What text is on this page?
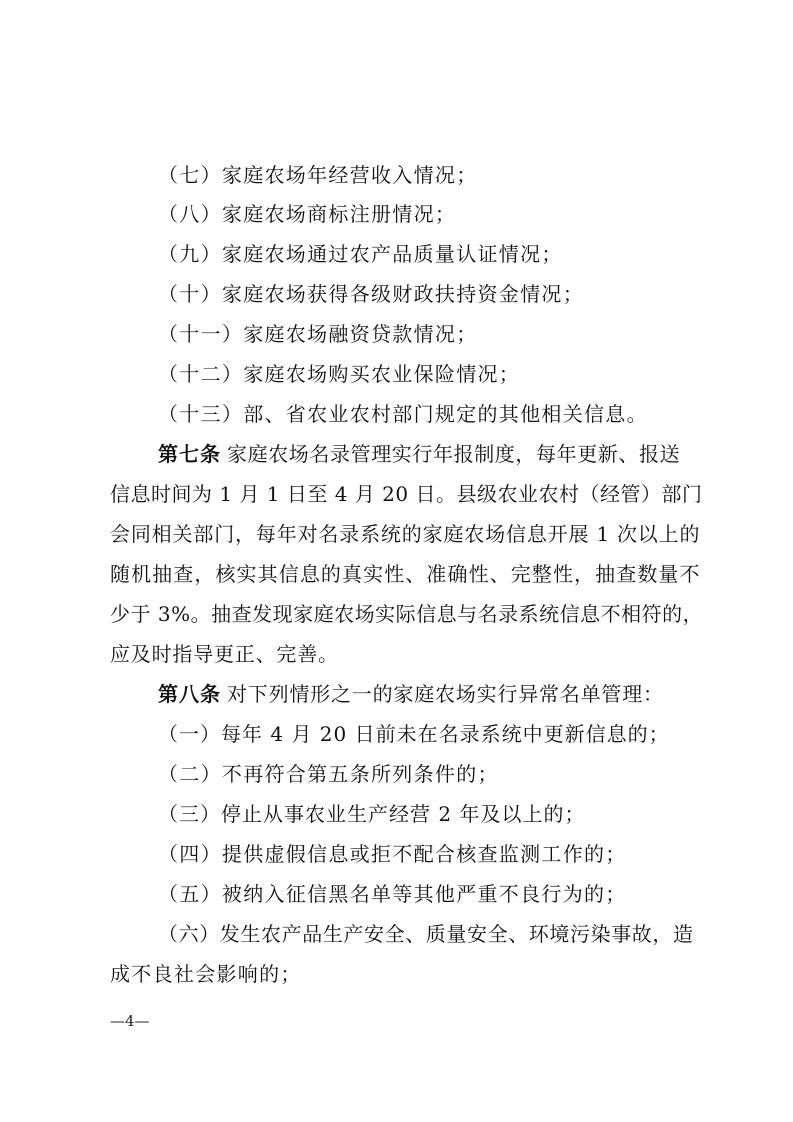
（七）家庭农场年经营收入情况；
（八）家庭农场商标注册情况；
（九）家庭农场通过农产品质量认证情况；
（十）家庭农场获得各级财政扶持资金情况；
（十一）家庭农场融资贷款情况；
（十二）家庭农场购买农业保险情况；
（十三）部、省农业农村部门规定的其他相关信息。
第七条 家庭农场名录管理实行年报制度，每年更新、报送
信息时间为 1 月 1 日至 4 月 20 日。县级农业农村（经管）部门
会同相关部门，每年对名录系统的家庭农场信息开展 1 次以上的
随机抽查，核实其信息的真实性、准确性、完整性，抽查数量不
少于 3%。抽查发现家庭农场实际信息与名录系统信息不相符的，
应及时指导更正、完善。
第八条 对下列情形之一的家庭农场实行异常名单管理：
（一）每年 4 月 20 日前未在名录系统中更新信息的；
（二）不再符合第五条所列条件的；
（三）停止从事农业生产经营 2 年及以上的；
（四）提供虚假信息或拒不配合核查监测工作的；
（五）被纳入征信黑名单等其他严重不良行为的；
（六）发生农产品生产安全、质量安全、环境污染事故，造
成不良社会影响的；
—4—
